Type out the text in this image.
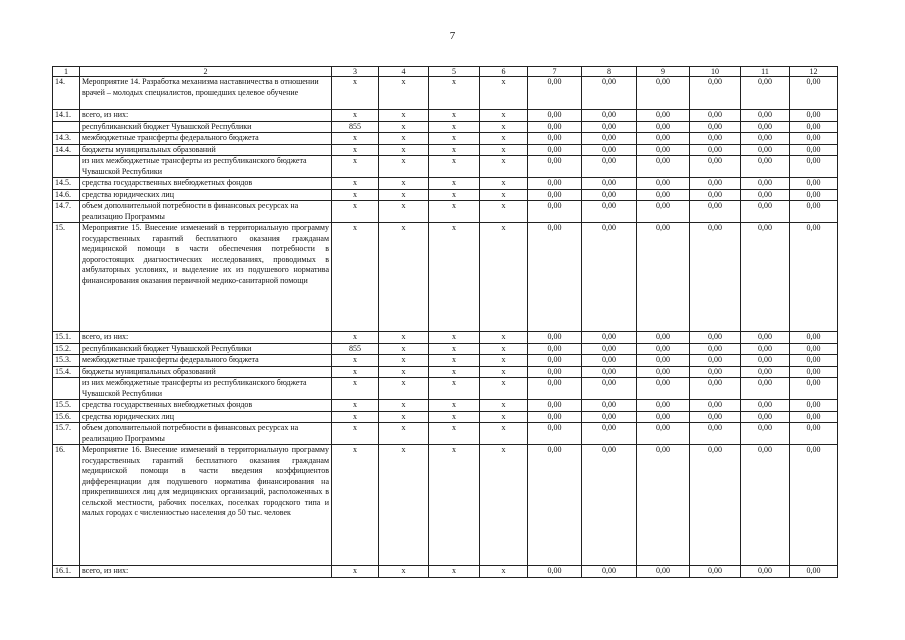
7
1	2	3	4	5	6	7	8	9	10	11	12
14.	Мероприятие 14. Разработка механизма наставничества в отношении врачей – молодых специалистов, прошедших целевое обучение	x	x	x	x	0,00	0,00	0,00	0,00	0,00	0,00
14.1.	всего, из них:	x	x	x	x	0,00	0,00	0,00	0,00	0,00	0,00
	республиканский бюджет Чувашской Республики	855	x	x	x	0,00	0,00	0,00	0,00	0,00	0,00
14.3.	межбюджетные трансферты федерального бюджета	x	x	x	x	0,00	0,00	0,00	0,00	0,00	0,00
14.4.	бюджеты муниципальных образований	x	x	x	x	0,00	0,00	0,00	0,00	0,00	0,00
	из них межбюджетные трансферты из республиканского бюджета Чувашской Республики	x	x	x	x	0,00	0,00	0,00	0,00	0,00	0,00
14.5.	средства государственных внебюджетных фондов	x	x	x	x	0,00	0,00	0,00	0,00	0,00	0,00
14.6.	средства юридических лиц	x	x	x	x	0,00	0,00	0,00	0,00	0,00	0,00
14.7.	объем дополнительной потребности в финансовых ресурсах на реализацию Программы	x	x	x	x	0,00	0,00	0,00	0,00	0,00	0,00
15.	Мероприятие 15. Внесение изменений в территориальную программу государственных гарантий бесплатного оказания гражданам медицинской помощи в части обеспечения потребности в дорогостоящих диагностических исследованиях, проводимых в амбулаторных условиях, и выделение их из подушевого норматива финансирования оказания первичной медико-санитарной помощи	x	x	x	x	0,00	0,00	0,00	0,00	0,00	0,00
15.1.	всего, из них:	x	x	x	x	0,00	0,00	0,00	0,00	0,00	0,00
15.2.	республиканский бюджет Чувашской Республики	855	x	x	x	0,00	0,00	0,00	0,00	0,00	0,00
15.3.	межбюджетные трансферты федерального бюджета	x	x	x	x	0,00	0,00	0,00	0,00	0,00	0,00
15.4.	бюджеты муниципальных образований	x	x	x	x	0,00	0,00	0,00	0,00	0,00	0,00
	из них межбюджетные трансферты из республиканского бюджета Чувашской Республики	x	x	x	x	0,00	0,00	0,00	0,00	0,00	0,00
15.5.	средства государственных внебюджетных фондов	x	x	x	x	0,00	0,00	0,00	0,00	0,00	0,00
15.6.	средства юридических лиц	x	x	x	x	0,00	0,00	0,00	0,00	0,00	0,00
15.7.	объем дополнительной потребности в финансовых ресурсах на реализацию Программы	x	x	x	x	0,00	0,00	0,00	0,00	0,00	0,00
16.	Мероприятие 16. Внесение изменений в территориальную программу государственных гарантий бесплатного оказания гражданам медицинской помощи в части введения коэффициентов дифференциации для подушевого норматива финансирования на прикрепившихся лиц для медицинских организаций, расположенных в сельской местности, рабочих поселках, поселках городского типа и малых городах с численностью населения до 50 тыс. человек	x	x	x	x	0,00	0,00	0,00	0,00	0,00	0,00
16.1.	всего, из них:	x	x	x	x	0,00	0,00	0,00	0,00	0,00	0,00
